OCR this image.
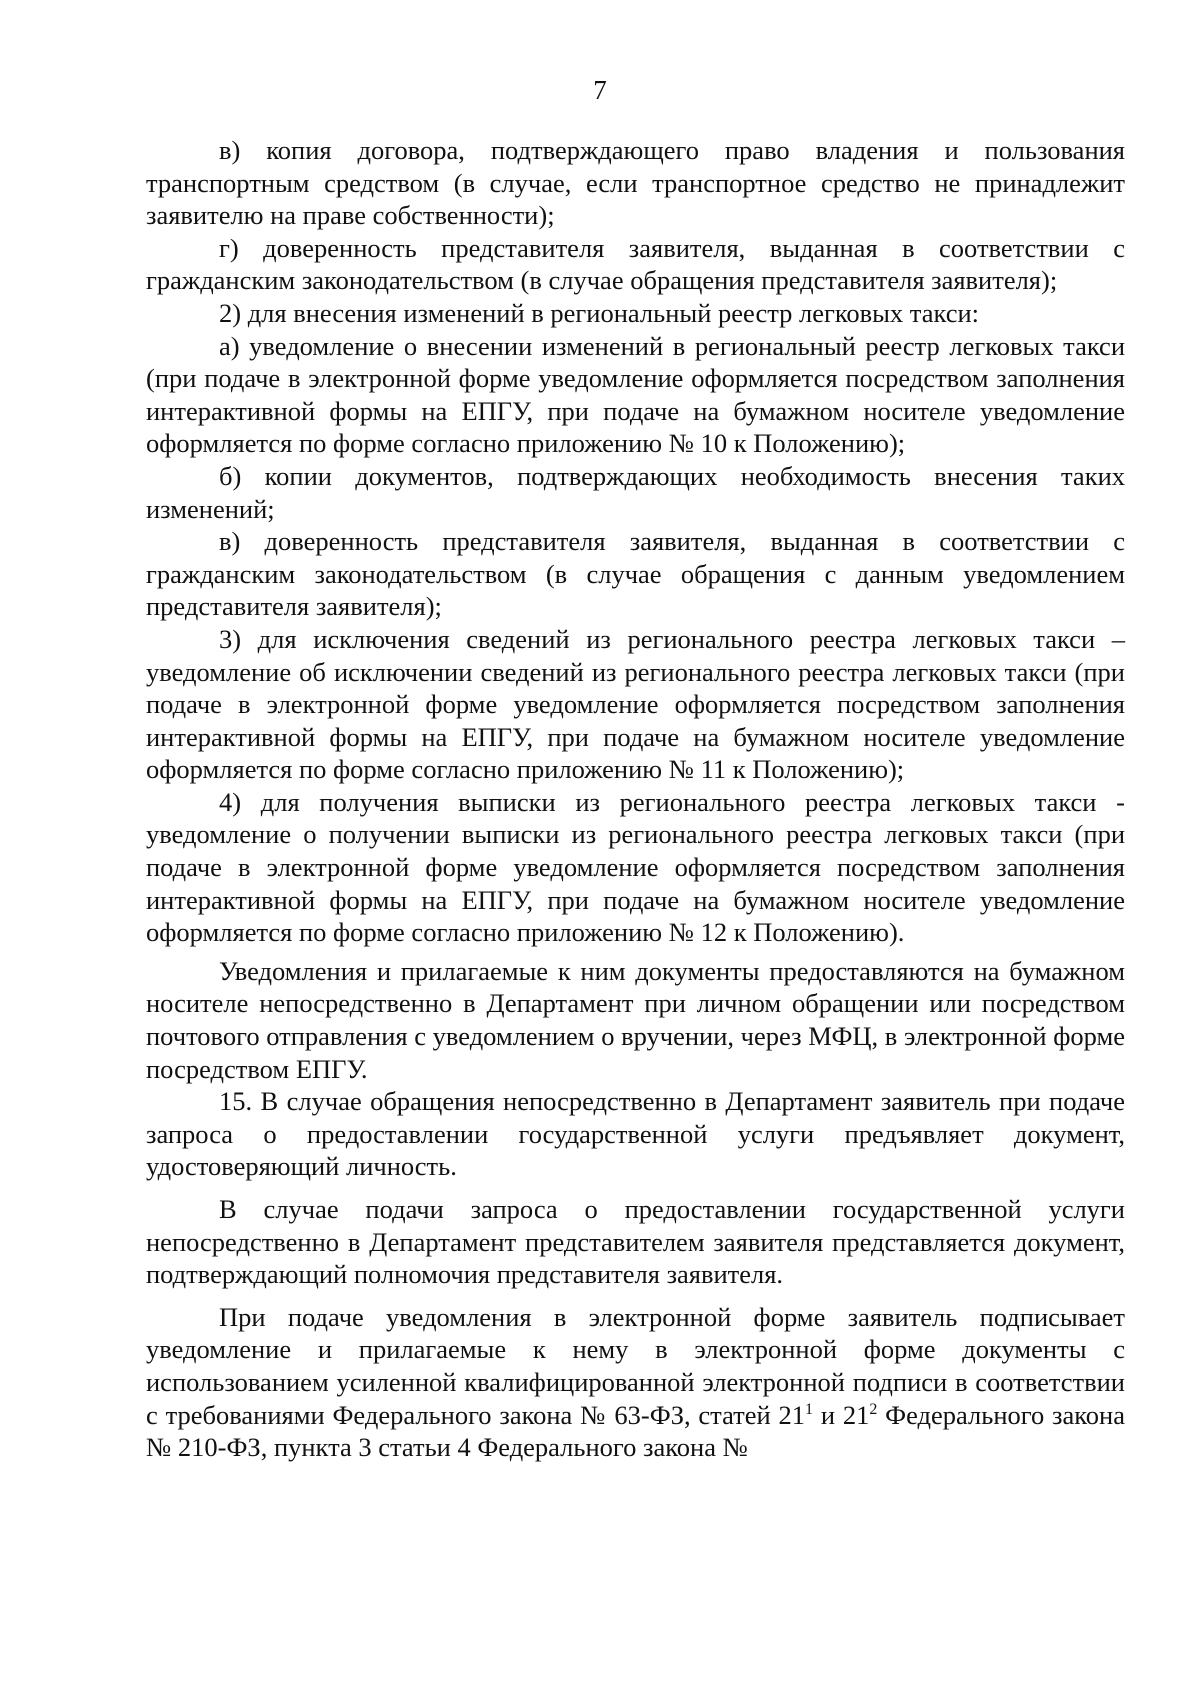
7

в) копия договора, подтверждающего право владения и пользования транспортным средством (в случае, если транспортное средство не принадлежит заявителю на праве собственности);

г) доверенность представителя заявителя, выданная в соответствии с гражданским законодательством (в случае обращения представителя заявителя);

2) для внесения изменений в региональный реестр легковых такси:

а) уведомление о внесении изменений в региональный реестр легковых такси (при подаче в электронной форме уведомление оформляется посредством заполнения интерактивной формы на ЕПГУ, при подаче на бумажном носителе уведомление оформляется по форме согласно приложению № 10 к Положению);

б) копии документов, подтверждающих необходимость внесения таких изменений;

в) доверенность представителя заявителя, выданная в соответствии с гражданским законодательством (в случае обращения с данным уведомлением представителя заявителя);

3) для исключения сведений из регионального реестра легковых такси – уведомление об исключении сведений из регионального реестра легковых такси (при подаче в электронной форме уведомление оформляется посредством заполнения интерактивной формы на ЕПГУ, при подаче на бумажном носителе уведомление оформляется по форме согласно приложению № 11 к Положению);

4) для получения выписки из регионального реестра легковых такси - уведомление о получении выписки из регионального реестра легковых такси (при подаче в электронной форме уведомление оформляется посредством заполнения интерактивной формы на ЕПГУ, при подаче на бумажном носителе уведомление оформляется по форме согласно приложению № 12 к Положению).

Уведомления и прилагаемые к ним документы предоставляются на бумажном носителе непосредственно в Департамент при личном обращении или посредством почтового отправления с уведомлением о вручении, через МФЦ, в электронной форме посредством ЕПГУ.

15. В случае обращения непосредственно в Департамент заявитель при подаче запроса о предоставлении государственной услуги предъявляет документ, удостоверяющий личность.

В случае подачи запроса о предоставлении государственной услуги непосредственно в Департамент представителем заявителя представляется документ, подтверждающий полномочия представителя заявителя.

При подаче уведомления в электронной форме заявитель подписывает уведомление и прилагаемые к нему в электронной форме документы с использованием усиленной квалифицированной электронной подписи в соответствии с требованиями Федерального закона № 63-ФЗ, статей $21^1$ и $21^2$ Федерального закона № 210-ФЗ, пункта 3 статьи 4 Федерального закона №
